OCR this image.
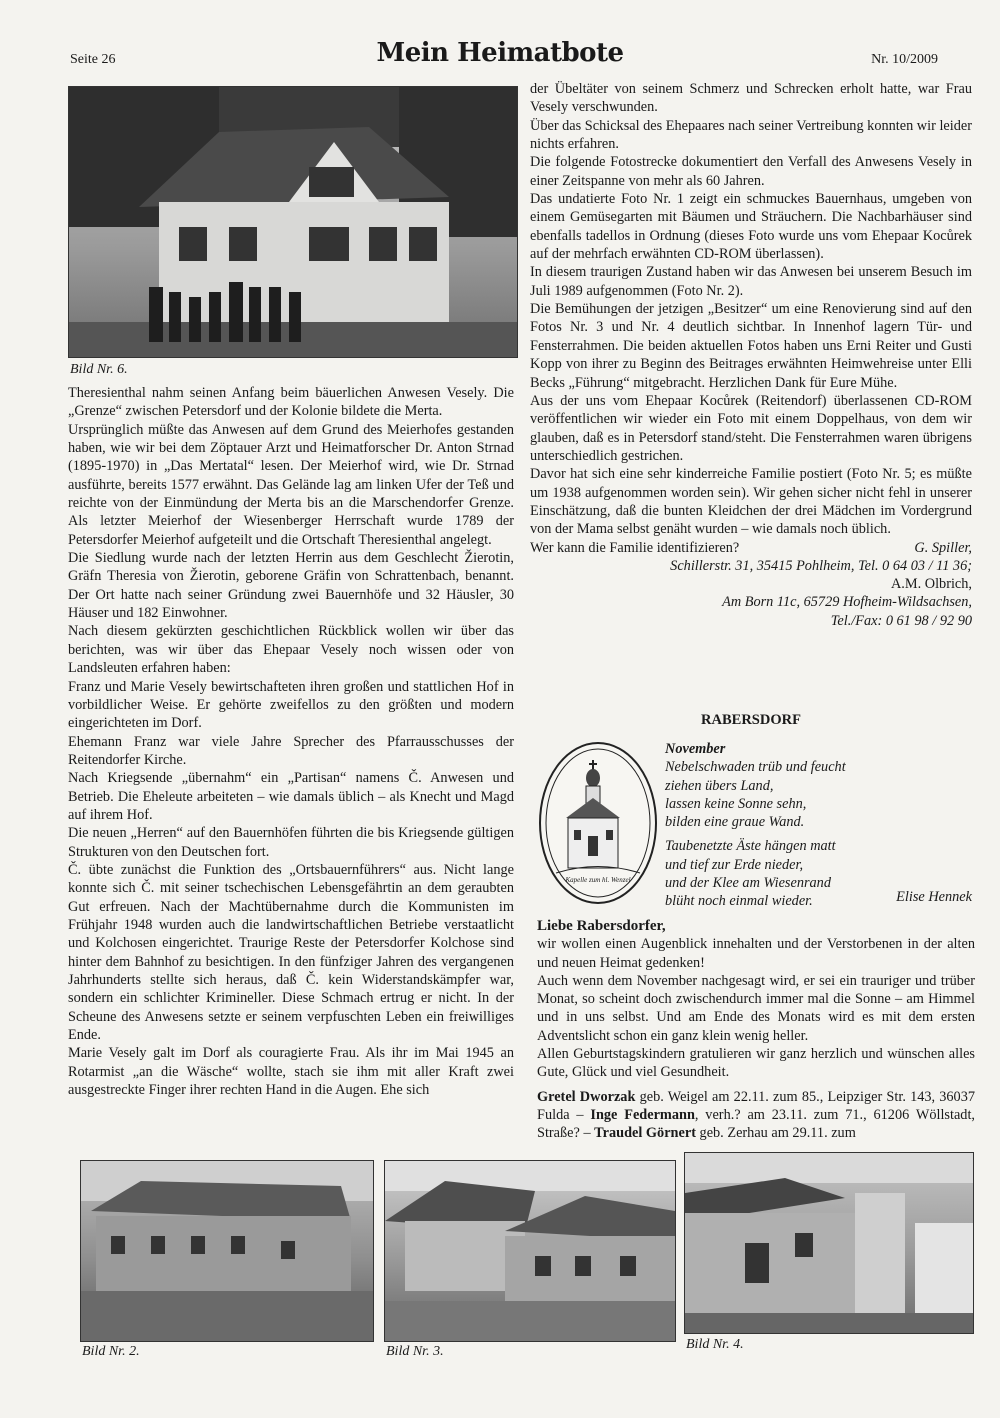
Seite 26	Mein Heimatbote	Nr. 10/2009
Bild Nr. 6.

Theresienthal nahm seinen Anfang beim bäuerlichen Anwesen Vesely. Die „Grenze“ zwischen Petersdorf und der Kolonie bildete die Merta.

Ursprünglich müßte das Anwesen auf dem Grund des Meierhofes gestanden haben, wie wir bei dem Zöptauer Arzt und Heimatforscher Dr. Anton Strnad (1895-1970) in „Das Mertatal“ lesen. Der Meierhof wird, wie Dr. Strnad ausführte, bereits 1577 erwähnt. Das Gelände lag am linken Ufer der Teß und reichte von der Einmündung der Merta bis an die Marschendorfer Grenze. Als letzter Meierhof der Wiesenberger Herrschaft wurde 1789 der Petersdorfer Meierhof aufgeteilt und die Ortschaft Theresienthal angelegt.

Die Siedlung wurde nach der letzten Herrin aus dem Geschlecht Žierotin, Gräfn Theresia von Žierotin, geborene Gräfin von Schrattenbach, benannt. Der Ort hatte nach seiner Gründung zwei Bauernhöfe und 32 Häusler, 30 Häuser und 182 Einwohner.

Nach diesem gekürzten geschichtlichen Rückblick wollen wir über das berichten, was wir über das Ehepaar Vesely noch wissen oder von Landsleuten erfahren haben:

Franz und Marie Vesely bewirtschafteten ihren großen und stattlichen Hof in vorbildlicher Weise. Er gehörte zweifellos zu den größten und modern eingerichteten im Dorf.

Ehemann Franz war viele Jahre Sprecher des Pfarrausschusses der Reitendorfer Kirche.

Nach Kriegsende „übernahm“ ein „Partisan“ namens Č. Anwesen und Betrieb. Die Eheleute arbeiteten – wie damals üblich – als Knecht und Magd auf ihrem Hof.

Die neuen „Herren“ auf den Bauernhöfen führten die bis Kriegsende gültigen Strukturen von den Deutschen fort.

Č. übte zunächst die Funktion des „Ortsbauernführers“ aus. Nicht lange konnte sich Č. mit seiner tschechischen Lebensgefährtin an dem geraubten Gut erfreuen. Nach der Machtübernahme durch die Kommunisten im Frühjahr 1948 wurden auch die landwirtschaftlichen Betriebe verstaatlicht und Kolchosen eingerichtet. Traurige Reste der Petersdorfer Kolchose sind hinter dem Bahnhof zu besichtigen. In den fünfziger Jahren des vergangenen Jahrhunderts stellte sich heraus, daß Č. kein Widerstandskämpfer war, sondern ein schlichter Krimineller. Diese Schmach ertrug er nicht. In der Scheune des Anwesens setzte er seinem verpfuschten Leben ein freiwilliges Ende.

Marie Vesely galt im Dorf als couragierte Frau. Als ihr im Mai 1945 an Rotarmist „an die Wäsche“ wollte, stach sie ihm mit aller Kraft zwei ausgestreckte Finger ihrer rechten Hand in die Augen. Ehe sich

der Übeltäter von seinem Schmerz und Schrecken erholt hatte, war Frau Vesely verschwunden.

Über das Schicksal des Ehepaares nach seiner Vertreibung konnten wir leider nichts erfahren.

Die folgende Fotostrecke dokumentiert den Verfall des Anwesens Vesely in einer Zeitspanne von mehr als 60 Jahren.

Das undatierte Foto Nr. 1 zeigt ein schmuckes Bauernhaus, umgeben von einem Gemüsegarten mit Bäumen und Sträuchern. Die Nachbarhäuser sind ebenfalls tadellos in Ordnung (dieses Foto wurde uns vom Ehepaar Kocůrek auf der mehrfach erwähnten CD-ROM überlassen).

In diesem traurigen Zustand haben wir das Anwesen bei unserem Besuch im Juli 1989 aufgenommen (Foto Nr. 2).

Die Bemühungen der jetzigen „Besitzer“ um eine Renovierung sind auf den Fotos Nr. 3 und Nr. 4 deutlich sichtbar. In Innenhof lagern Tür- und Fensterrahmen. Die beiden aktuellen Fotos haben uns Erni Reiter und Gusti Kopp von ihrer zu Beginn des Beitrages erwähnten Heimwehreise unter Elli Becks „Führung“ mitgebracht. Herzlichen Dank für Eure Mühe.

Aus der uns vom Ehepaar Kocůrek (Reitendorf) überlassenen CD-ROM veröffentlichen wir wieder ein Foto mit einem Doppelhaus, von dem wir glauben, daß es in Petersdorf stand/steht. Die Fensterrahmen waren übrigens unterschiedlich gestrichen.

Davor hat sich eine sehr kinderreiche Familie postiert (Foto Nr. 5; es müßte um 1938 aufgenommen worden sein). Wir gehen sicher nicht fehl in unserer Einschätzung, daß die bunten Kleidchen der drei Mädchen im Vordergrund von der Mama selbst genäht wurden – wie damals noch üblich.

Wer kann die Familie identifizieren?	G. Spiller,
Schillerstr. 31, 35415 Pohlheim, Tel. 0 64 03 / 11 36;
A.M. Olbrich,
Am Born 11c, 65729 Hofheim-Wildsachsen,
Tel./Fax: 0 61 98 / 92 90
RABERSDORF
Kapelle zum hl. Wenzel
November
Nebelschwaden trüb und feucht
ziehen übers Land,
lassen keine Sonne sehn,
bilden eine graue Wand.
Taubenetzte Äste hängen matt
und tief zur Erde nieder,
und der Klee am Wiesenrand
blüht noch einmal wieder.	Elise Hennek
Liebe Rabersdorfer,

wir wollen einen Augenblick innehalten und der Verstorbenen in der alten und neuen Heimat gedenken!

Auch wenn dem November nachgesagt wird, er sei ein trauriger und trüber Monat, so scheint doch zwischendurch immer mal die Sonne – am Himmel und in uns selbst. Und am Ende des Monats wird es mit dem ersten Adventslicht schon ein ganz klein wenig heller.

Allen Geburtstagskindern gratulieren wir ganz herzlich und wünschen alles Gute, Glück und viel Gesundheit.

Gretel Dworzak geb. Weigel am 22.11. zum 85., Leipziger Str. 143, 36037 Fulda – Inge Federmann, verh.? am 23.11. zum 71., 61206 Wöllstadt, Straße? – Traudel Görnert geb. Zerhau am 29.11. zum

Bild Nr. 2.	Bild Nr. 3.	Bild Nr. 4.
